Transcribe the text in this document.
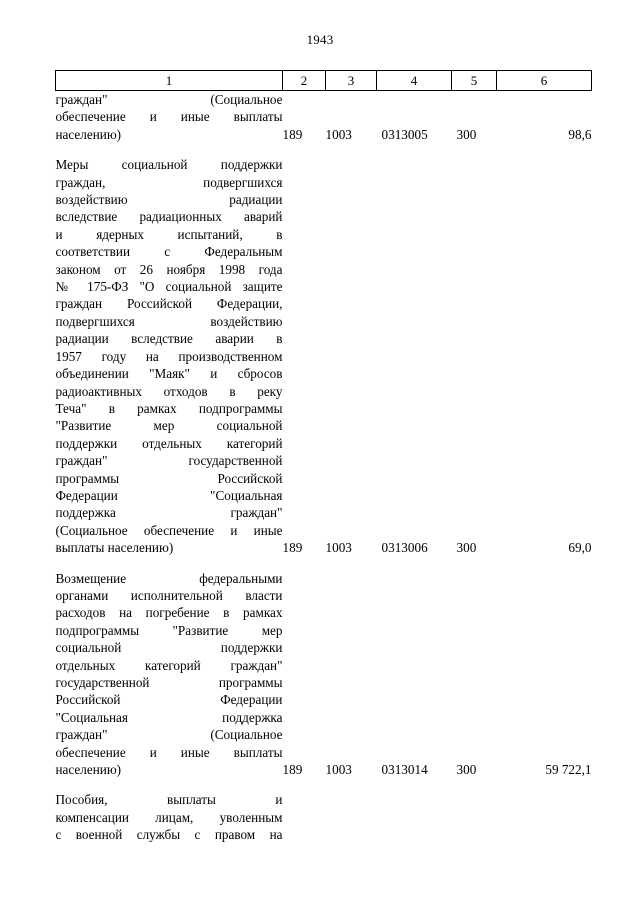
1943
1	2	3	4	5	6

граждан" (Социальное

обеспечение и иные выплаты

населению)	189	1003	0313005	300	98,6

Меры социальной поддержки

граждан, подвергшихся

воздействию радиации

вследствие радиационных аварий

и ядерных испытаний, в

соответствии с Федеральным

законом от 26 ноября 1998 года

№ 175-ФЗ "О социальной защите

граждан Российской Федерации,

подвергшихся воздействию

радиации вследствие аварии в

1957 году на производственном

объединении "Маяк" и сбросов

радиоактивных отходов в реку

Теча" в рамках подпрограммы

"Развитие мер социальной

поддержки отдельных категорий

граждан" государственной

программы Российской

Федерации "Социальная

поддержка граждан"

(Социальное обеспечение и иные

выплаты населению)	189	1003	0313006	300	69,0

Возмещение федеральными

органами исполнительной власти

расходов на погребение в рамках

подпрограммы "Развитие мер

социальной поддержки

отдельных категорий граждан"

государственной программы

Российской Федерации

"Социальная поддержка

граждан" (Социальное

обеспечение и иные выплаты

населению)	189	1003	0313014	300	59 722,1

Пособия, выплаты и

компенсации лицам, уволенным

с военной службы с правом на					
